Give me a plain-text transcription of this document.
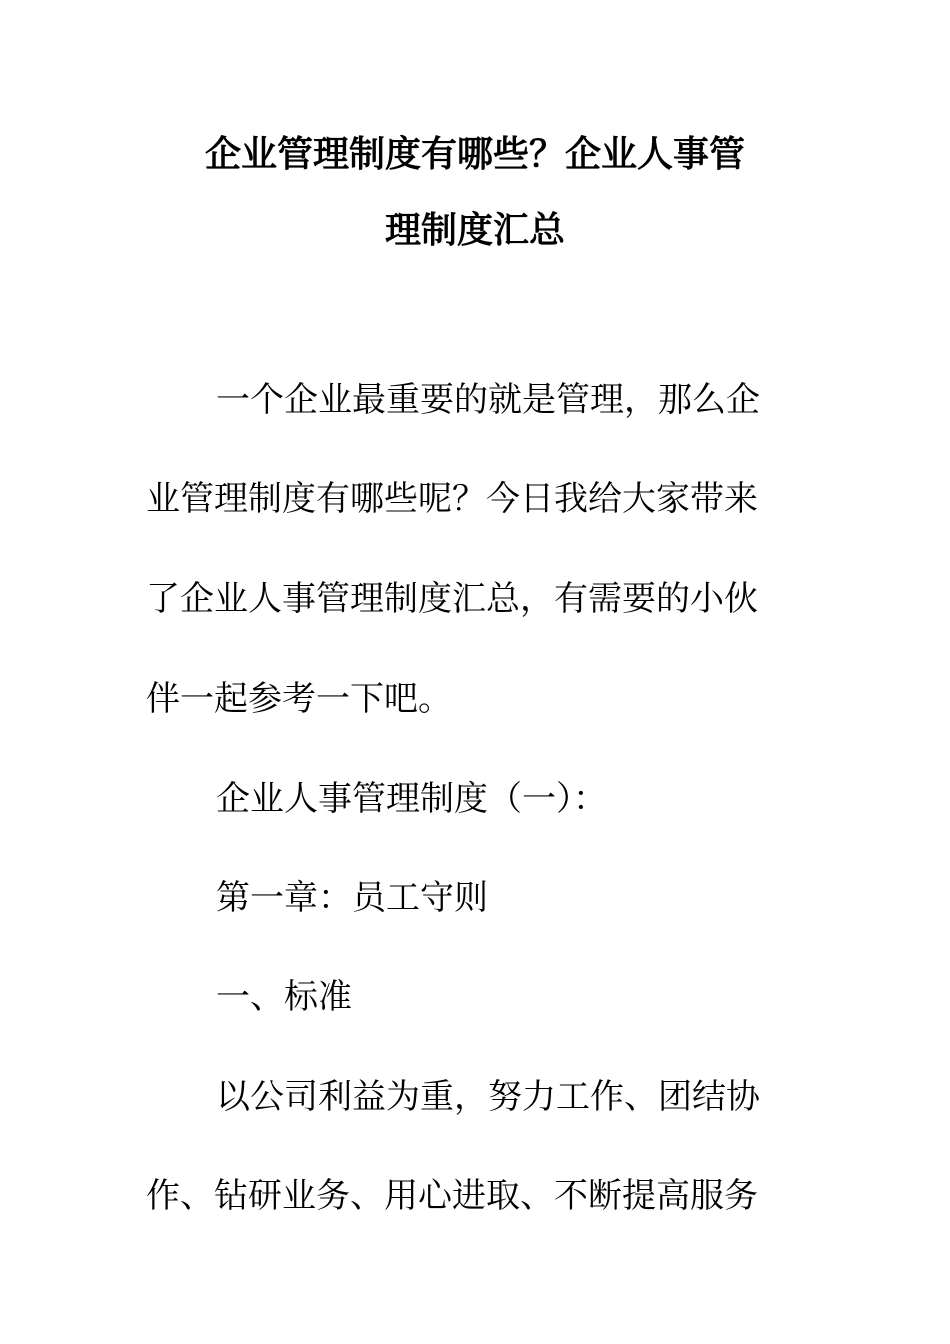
企业管理制度有哪些？企业人事管
理制度汇总
一个企业最重要的就是管理，那么企
业管理制度有哪些呢？今日我给大家带来
了企业人事管理制度汇总，有需要的小伙
伴一起参考一下吧。
企业人事管理制度（一）：
第一章：员工守则
一、标准
以公司利益为重，努力工作、团结协
作、钻研业务、用心进取、不断提高服务
